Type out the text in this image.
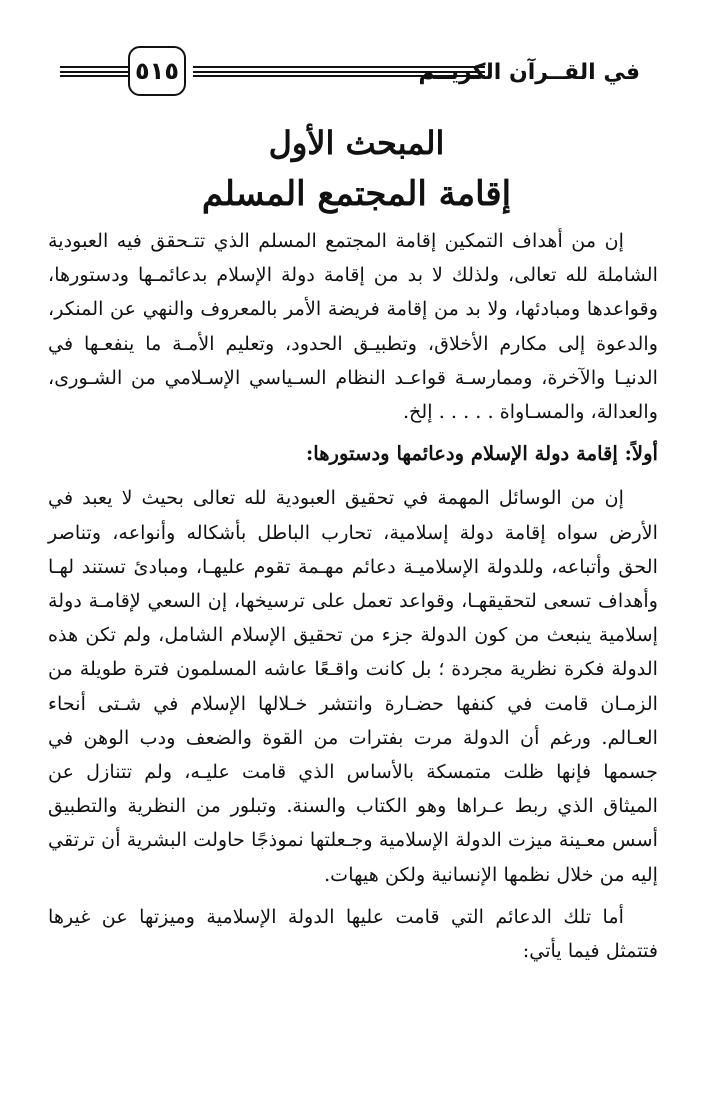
في القــرآن الكريــم
٥١٥
المبحث الأول
إقامة المجتمع المسلم

إن من أهداف التمكين إقامة المجتمع المسلم الذي تتـحقق فيه العبودية الشاملة لله تعالى، ولذلك لا بد من إقامة دولة الإسلام بدعائمـها ودستورها، وقواعدها ومبادئها، ولا بد من إقامة فريضة الأمر بالمعروف والنهي عن المنكر، والدعوة إلى مكارم الأخلاق، وتطبيـق الحدود، وتعليم الأمـة ما ينفعـها في الدنيـا والآخرة، وممارسـة قواعـد النظام السـياسي الإسـلامي من الشـورى، والعدالة، والمسـاواة . . . . . إلخ.

أولاً: إقامة دولة الإسلام ودعائمها ودستورها:

إن من الوسائل المهمة في تحقيق العبودية لله تعالى بحيث لا يعبد في الأرض سواه إقامة دولة إسلامية، تحارب الباطل بأشكاله وأنواعه، وتناصر الحق وأتباعه، وللدولة الإسلاميـة دعائم مهـمة تقوم عليهـا، ومبادئ تستند لهـا وأهداف تسعى لتحقيقهـا، وقواعد تعمل على ترسيخها، إن السعي لإقامـة دولة إسلامية ينبعث من كون الدولة جزء من تحقيق الإسلام الشامل، ولم تكن هذه الدولة فكرة نظرية مجردة ؛ بل كانت واقـعًا عاشه المسلمون فترة طويلة من الزمـان قامت في كنفها حضـارة وانتشر خـلالها الإسلام في شـتى أنحاء العـالم. ورغم أن الدولة مرت بفترات من القوة والضعف ودب الوهن في جسمها فإنها ظلت متمسكة بالأساس الذي قامت عليـه، ولم تتنازل عن الميثاق الذي ربط عـراها وهو الكتاب والسنة. وتبلور من النظرية والتطبيق أسس معـينة ميزت الدولة الإسلامية وجـعلتها نموذجًا حاولت البشرية أن ترتقي إليه من خلال نظمها الإنسانية ولكن هيهات.

أما تلك الدعائم التي قامت عليها الدولة الإسلامية وميزتها عن غيرها فتتمثل فيما يأتي:
